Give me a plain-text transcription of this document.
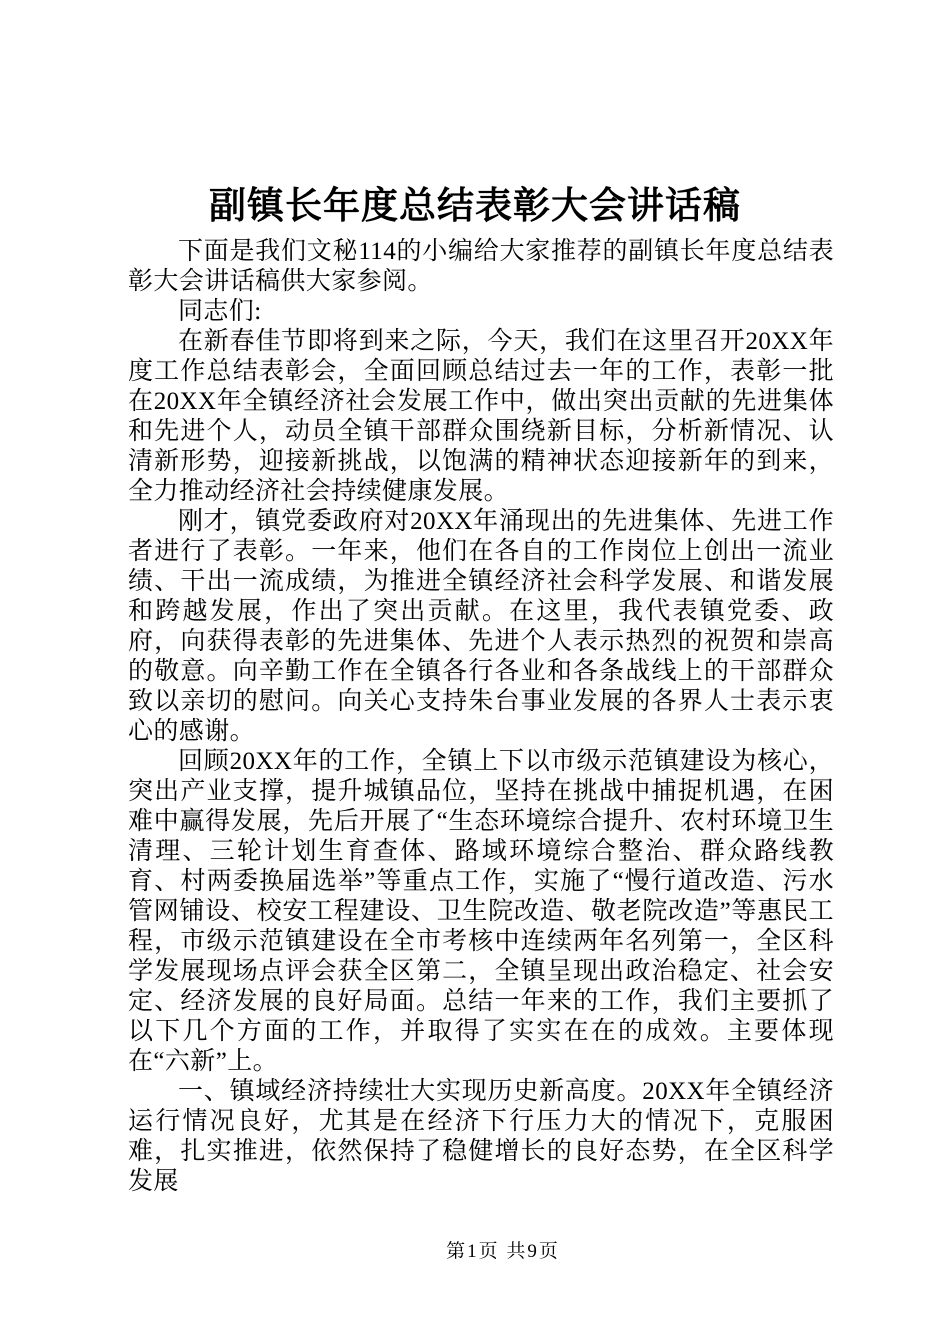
副镇长年度总结表彰大会讲话稿

下面是我们文秘114的小编给大家推荐的副镇长年度总结表彰大会讲话稿供大家参阅。

同志们:

在新春佳节即将到来之际，今天，我们在这里召开20XX年度工作总结表彰会，全面回顾总结过去一年的工作，表彰一批在20XX年全镇经济社会发展工作中，做出突出贡献的先进集体和先进个人，动员全镇干部群众围绕新目标，分析新情况、认清新形势，迎接新挑战，以饱满的精神状态迎接新年的到来，全力推动经济社会持续健康发展。

刚才，镇党委政府对20XX年涌现出的先进集体、先进工作者进行了表彰。一年来，他们在各自的工作岗位上创出一流业绩、干出一流成绩，为推进全镇经济社会科学发展、和谐发展和跨越发展，作出了突出贡献。在这里，我代表镇党委、政府，向获得表彰的先进集体、先进个人表示热烈的祝贺和崇高的敬意。向辛勤工作在全镇各行各业和各条战线上的干部群众致以亲切的慰问。向关心支持朱台事业发展的各界人士表示衷心的感谢。

回顾20XX年的工作，全镇上下以市级示范镇建设为核心，突出产业支撑，提升城镇品位，坚持在挑战中捕捉机遇，在困难中赢得发展，先后开展了“生态环境综合提升、农村环境卫生清理、三轮计划生育查体、路域环境综合整治、群众路线教育、村两委换届选举”等重点工作，实施了“慢行道改造、污水管网铺设、校安工程建设、卫生院改造、敬老院改造”等惠民工程，市级示范镇建设在全市考核中连续两年名列第一，全区科学发展现场点评会获全区第二，全镇呈现出政治稳定、社会安定、经济发展的良好局面。总结一年来的工作，我们主要抓了以下几个方面的工作，并取得了实实在在的成效。主要体现在“六新”上。

一、镇域经济持续壮大实现历史新高度。20XX年全镇经济运行情况良好，尤其是在经济下行压力大的情况下，克服困难，扎实推进，依然保持了稳健增长的良好态势，在全区科学发展

第1页 共9页
